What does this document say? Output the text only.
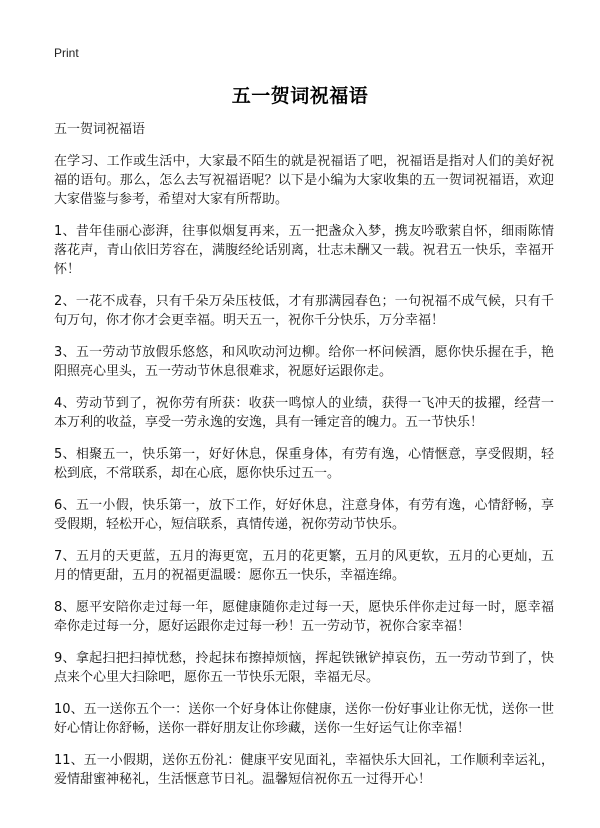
Print
五一贺词祝福语

五一贺词祝福语

在学习、工作或生活中，大家最不陌生的就是祝福语了吧，祝福语是指对人们的美好祝福的语句。那么，怎么去写祝福语呢？以下是小编为大家收集的五一贺词祝福语，欢迎大家借鉴与参考，希望对大家有所帮助。

1、昔年佳丽心澎湃，往事似烟复再来，五一把盏众入梦，携友吟歌萦自怀，细雨陈情落花声，青山依旧芳容在，满腹经纶话别离，壮志未酬又一载。祝君五一快乐，幸福开怀！

2、一花不成春，只有千朵万朵压枝低，才有那满园春色；一句祝福不成气候，只有千句万句，你才你才会更幸福。明天五一，祝你千分快乐，万分幸福！

3、五一劳动节放假乐悠悠，和风吹动河边柳。给你一杯问候酒，愿你快乐握在手，艳阳照亮心里头，五一劳动节休息很难求，祝愿好运跟你走。

4、劳动节到了，祝你劳有所获：收获一鸣惊人的业绩，获得一飞冲天的拔擢，经营一本万利的收益，享受一劳永逸的安逸，具有一锤定音的魄力。五一节快乐！

5、相聚五一，快乐第一，好好休息，保重身体，有劳有逸，心情惬意，享受假期，轻松到底，不常联系，却在心底，愿你快乐过五一。

6、五一小假，快乐第一，放下工作，好好休息，注意身体，有劳有逸，心情舒畅，享受假期，轻松开心，短信联系，真情传递，祝你劳动节快乐。

7、五月的天更蓝，五月的海更宽，五月的花更繁，五月的风更软，五月的心更灿，五月的情更甜，五月的祝福更温暖：愿你五一快乐，幸福连绵。

8、愿平安陪你走过每一年，愿健康随你走过每一天，愿快乐伴你走过每一时，愿幸福牵你走过每一分，愿好运跟你走过每一秒！五一劳动节，祝你合家幸福！

9、拿起扫把扫掉忧愁，拎起抹布擦掉烦恼，挥起铁锹铲掉哀伤，五一劳动节到了，快点来个心里大扫除吧，愿你五一节快乐无限，幸福无尽。

10、五一送你五个一：送你一个好身体让你健康，送你一份好事业让你无忧，送你一世好心情让你舒畅，送你一群好朋友让你珍藏，送你一生好运气让你幸福！

11、五一小假期，送你五份礼：健康平安见面礼，幸福快乐大回礼，工作顺利幸运礼，爱情甜蜜神秘礼，生活惬意节日礼。温馨短信祝你五一过得开心！
